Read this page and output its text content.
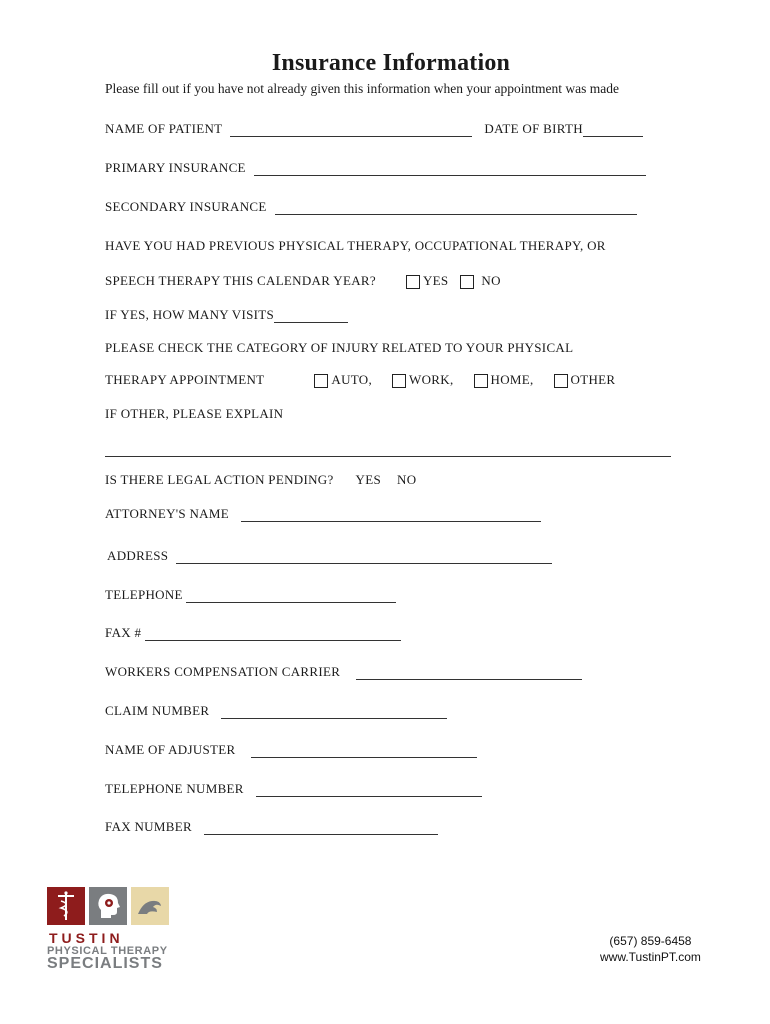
Insurance Information
Please fill out if you have not already given this information when your appointment was made
NAME OF PATIENT	DATE OF BIRTH
PRIMARY INSURANCE
SECONDARY INSURANCE
HAVE YOU HAD PREVIOUS PHYSICAL THERAPY, OCCUPATIONAL THERAPY, OR
SPEECH THERAPY THIS CALENDAR YEAR?	YES	NO
IF YES, HOW MANY VISITS
PLEASE CHECK THE CATEGORY OF INJURY RELATED TO YOUR PHYSICAL
THERAPY APPOINTMENT	AUTO,	WORK,	HOME,	OTHER
IF OTHER, PLEASE EXPLAIN
IS THERE LEGAL ACTION PENDING? YES NO
ATTORNEY'S NAME
ADDRESS
TELEPHONE
FAX #
WORKERS COMPENSATION CARRIER
CLAIM NUMBER
NAME OF ADJUSTER
TELEPHONE NUMBER
FAX NUMBER
TUSTIN
PHYSICAL THERAPY
SPECIALISTS
(657) 859-6458
www.TustinPT.com
